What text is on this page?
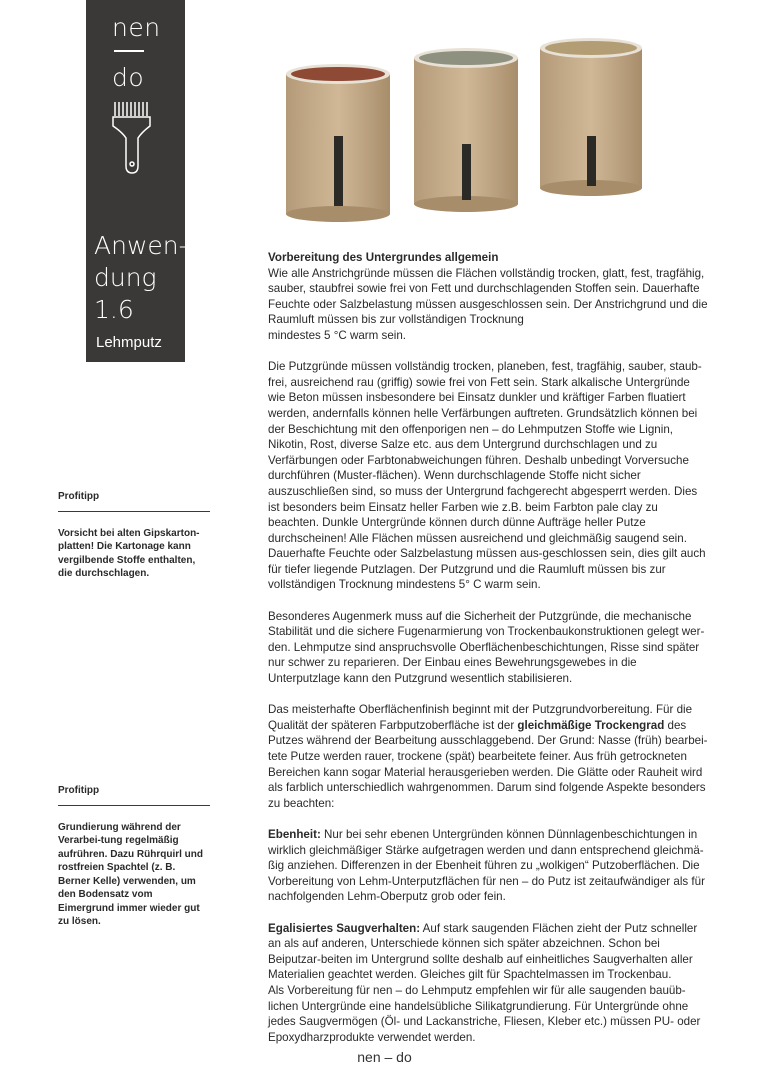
nen
do
Anwen-
dung
1.6
Lehmputz
Vorbereitung des Untergrundes allgemein

Wie alle Anstrichgründe müssen die Flächen vollständig trocken, glatt, fest, tragfähig, sauber, staubfrei sowie frei von Fett und durchschlagenden Stoffen sein. Dauerhafte Feuchte oder Salzbelastung müssen ausgeschlossen sein. Der Anstrichgrund und die Raumluft müssen bis zur vollständigen Trocknung

mindestes 5 °C warm sein.

Die Putzgründe müssen vollständig trocken, planeben, fest, tragfähig, sauber, staub-frei, ausreichend rau (griffig) sowie frei von Fett sein. Stark alkalische Untergründe wie Beton müssen insbesondere bei Einsatz dunkler und kräftiger Farben fluatiert werden, andernfalls können helle Verfärbungen auftreten. Grundsätzlich können bei der Beschichtung mit den offenporigen nen – do Lehmputzen Stoffe wie Lignin, Nikotin, Rost, diverse Salze etc. aus dem Untergrund durchschlagen und zu Verfärbungen oder Farbtonabweichungen führen. Deshalb unbedingt Vorversuche durchführen (Muster-flächen). Wenn durchschlagende Stoffe nicht sicher auszuschließen sind, so muss der Untergrund fachgerecht abgesperrt werden. Dies ist besonders beim Einsatz heller Farben wie z.B. beim Farbton pale clay zu beachten. Dunkle Untergründe können durch dünne Aufträge heller Putze durchscheinen! Alle Flächen müssen ausreichend und gleichmäßig saugend sein. Dauerhafte Feuchte oder Salzbelastung müssen aus-geschlossen sein, dies gilt auch für tiefer liegende Putzlagen. Der Putzgrund und die Raumluft müssen bis zur vollständigen Trocknung mindestens 5° C warm sein.

Besonderes Augenmerk muss auf die Sicherheit der Putzgründe, die mechanische Stabilität und die sichere Fugenarmierung von Trockenbaukonstruktionen gelegt wer-den. Lehmputze sind anspruchsvolle Oberflächenbeschichtungen, Risse sind später nur schwer zu reparieren. Der Einbau eines Bewehrungsgewebes in die Unterputzlage kann den Putzgrund wesentlich stabilisieren.

Das meisterhafte Oberflächenfinish beginnt mit der Putzgrundvorbereitung. Für die Qualität der späteren Farbputzoberfläche ist der gleichmäßige Trockengrad des Putzes während der Bearbeitung ausschlaggebend. Der Grund: Nasse (früh) bearbei-tete Putze werden rauer, trockene (spät) bearbeitete feiner. Aus früh getrockneten Bereichen kann sogar Material herausgerieben werden. Die Glätte oder Rauheit wird als farblich unterschiedlich wahrgenommen. Darum sind folgende Aspekte besonders zu beachten:

Ebenheit: Nur bei sehr ebenen Untergründen können Dünnlagenbeschichtungen in wirklich gleichmäßiger Stärke aufgetragen werden und dann entsprechend gleichmä-ßig anziehen. Differenzen in der Ebenheit führen zu „wolkigen“ Putzoberflächen. Die Vorbereitung von Lehm-Unterputzflächen für nen – do Putz ist zeitaufwändiger als für nachfolgenden Lehm-Oberputz grob oder fein.

Egalisiertes Saugverhalten: Auf stark saugenden Flächen zieht der Putz schneller an als auf anderen, Unterschiede können sich später abzeichnen. Schon bei Beiputzar-beiten im Untergrund sollte deshalb auf einheitliches Saugverhalten aller Materialien geachtet werden. Gleiches gilt für Spachtelmassen im Trockenbau.

Als Vorbereitung für nen – do Lehmputz empfehlen wir für alle saugenden bauüb-lichen Untergründe eine handelsübliche Silikatgrundierung. Für Untergründe ohne jedes Saugvermögen (Öl- und Lackanstriche, Fliesen, Kleber etc.) müssen PU- oder Epoxydharzprodukte verwendet werden.

Profitipp
Vorsicht bei alten Gipskarton-platten! Die Kartonage kann vergilbende Stoffe enthalten, die durchschlagen.
Profitipp
Grundierung während der Verarbei-tung regelmäßig aufrühren. Dazu Rührquirl und rostfreien Spachtel (z. B. Berner Kelle) verwenden, um den Bodensatz vom Eimergrund immer wieder gut zu lösen.
nen – do
